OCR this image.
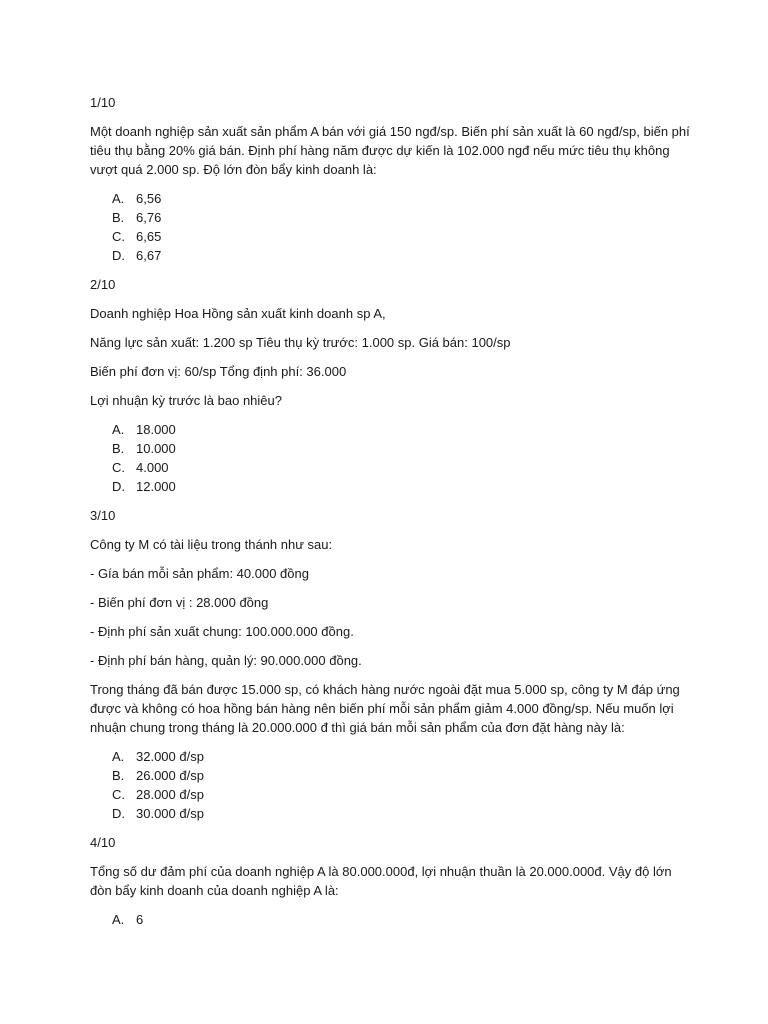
1/10

Một doanh nghiệp sản xuất sản phẩm A bán với giá 150 ngđ/sp. Biến phí sản xuất là 60 ngđ/sp, biến phí tiêu thụ bằng 20% giá bán. Định phí hàng năm được dự kiến là 102.000 ngđ nếu mức tiêu thụ không vượt quá 2.000 sp. Độ lớn đòn bẩy kinh doanh là:

A. 6,56
B. 6,76
C. 6,65
D. 6,67

2/10

Doanh nghiệp Hoa Hồng sản xuất kinh doanh sp A,

Năng lực sản xuất: 1.200 sp Tiêu thụ kỳ trước: 1.000 sp. Giá bán: 100/sp

Biến phí đơn vị: 60/sp Tổng định phí: 36.000

Lợi nhuận kỳ trước là bao nhiêu?

A. 18.000
B. 10.000
C. 4.000
D. 12.000

3/10

Công ty M có tài liệu trong thánh như sau:

- Gía bán mỗi sản phẩm: 40.000 đồng

- Biến phí đơn vị : 28.000 đồng

- Định phí sản xuất chung: 100.000.000 đồng.

- Định phí bán hàng, quản lý: 90.000.000 đồng.

Trong tháng đã bán được 15.000 sp, có khách hàng nước ngoài đặt mua 5.000 sp, công ty M đáp ứng được và không có hoa hồng bán hàng nên biến phí mỗi sản phẩm giảm 4.000 đồng/sp. Nếu muốn lợi nhuận chung trong tháng là 20.000.000 đ thì giá bán mỗi sản phẩm của đơn đặt hàng này là:

A. 32.000 đ/sp
B. 26.000 đ/sp
C. 28.000 đ/sp
D. 30.000 đ/sp

4/10

Tổng số dư đảm phí của doanh nghiệp A là 80.000.000đ, lợi nhuận thuần là 20.000.000đ. Vậy độ lớn đòn bẩy kinh doanh của doanh nghiệp A là:

A. 6
